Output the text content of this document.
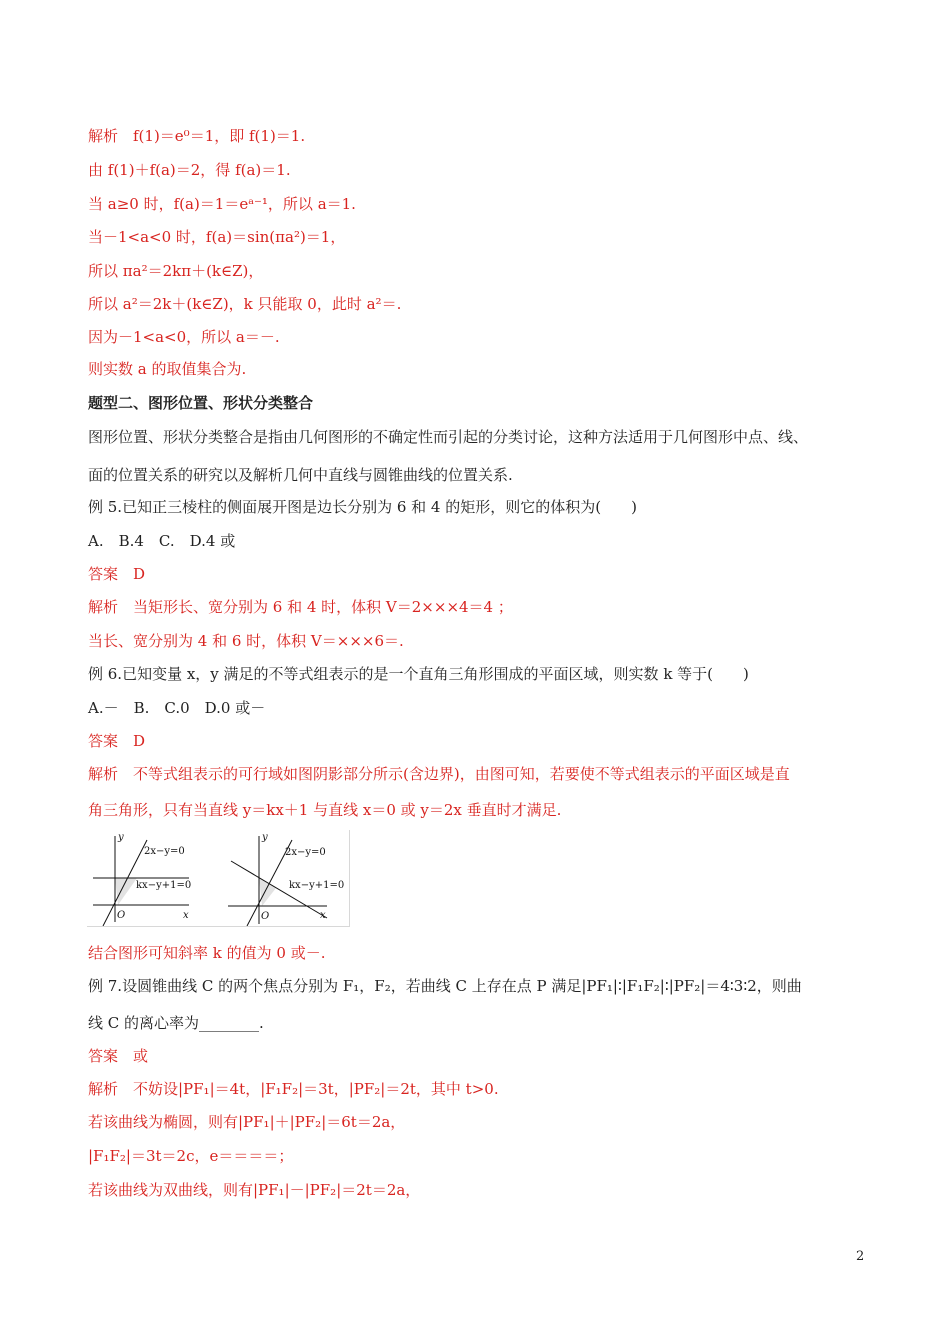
解析　f(1)＝e⁰＝1，即 f(1)＝1.
由 f(1)＋f(a)＝2，得 f(a)＝1.
当 a≥0 时，f(a)＝1＝eᵃ⁻¹，所以 a＝1.
当－1<a<0 时，f(a)＝sin(πa²)＝1，
所以 πa²＝2kπ＋(k∈Z)，
所以 a²＝2k＋(k∈Z)，k 只能取 0，此时 a²＝.
因为－1<a<0，所以 a＝－.
则实数 a 的取值集合为.
题型二、图形位置、形状分类整合
图形位置、形状分类整合是指由几何图形的不确定性而引起的分类讨论，这种方法适用于几何图形中点、线、
面的位置关系的研究以及解析几何中直线与圆锥曲线的位置关系.
例 5.已知正三棱柱的侧面展开图是边长分别为 6 和 4 的矩形，则它的体积为(　　)
A.　B.4　C.　D.4 或
答案　D
解析　当矩形长、宽分别为 6 和 4 时，体积 V＝2×××4＝4 ；
当长、宽分别为 4 和 6 时，体积 V＝×××6＝.
例 6.已知变量 x，y 满足的不等式组表示的是一个直角三角形围成的平面区域，则实数 k 等于(　　)
A.－　B.　C.0　D.0 或－
答案　D
解析　不等式组表示的可行域如图阴影部分所示(含边界)，由图可知，若要使不等式组表示的平面区域是直
角三角形，只有当直线 y＝kx＋1 与直线 x＝0 或 y＝2x 垂直时才满足.
结合图形可知斜率 k 的值为 0 或－.
例 7.设圆锥曲线 C 的两个焦点分别为 F₁，F₂，若曲线 C 上存在点 P 满足|PF₁|∶|F₁F₂|∶|PF₂|＝4∶3∶2，则曲
线 C 的离心率为________.
答案　或
解析　不妨设|PF₁|＝4t，|F₁F₂|＝3t，|PF₂|＝2t，其中 t>0.
若该曲线为椭圆，则有|PF₁|＋|PF₂|＝6t＝2a，
|F₁F₂|＝3t＝2c，e＝＝＝＝；
若该曲线为双曲线，则有|PF₁|－|PF₂|＝2t＝2a，
y
x
O
2x−y=0
kx−y+1=0
y
x
O
2x−y=0
kx−y+1=0
2
